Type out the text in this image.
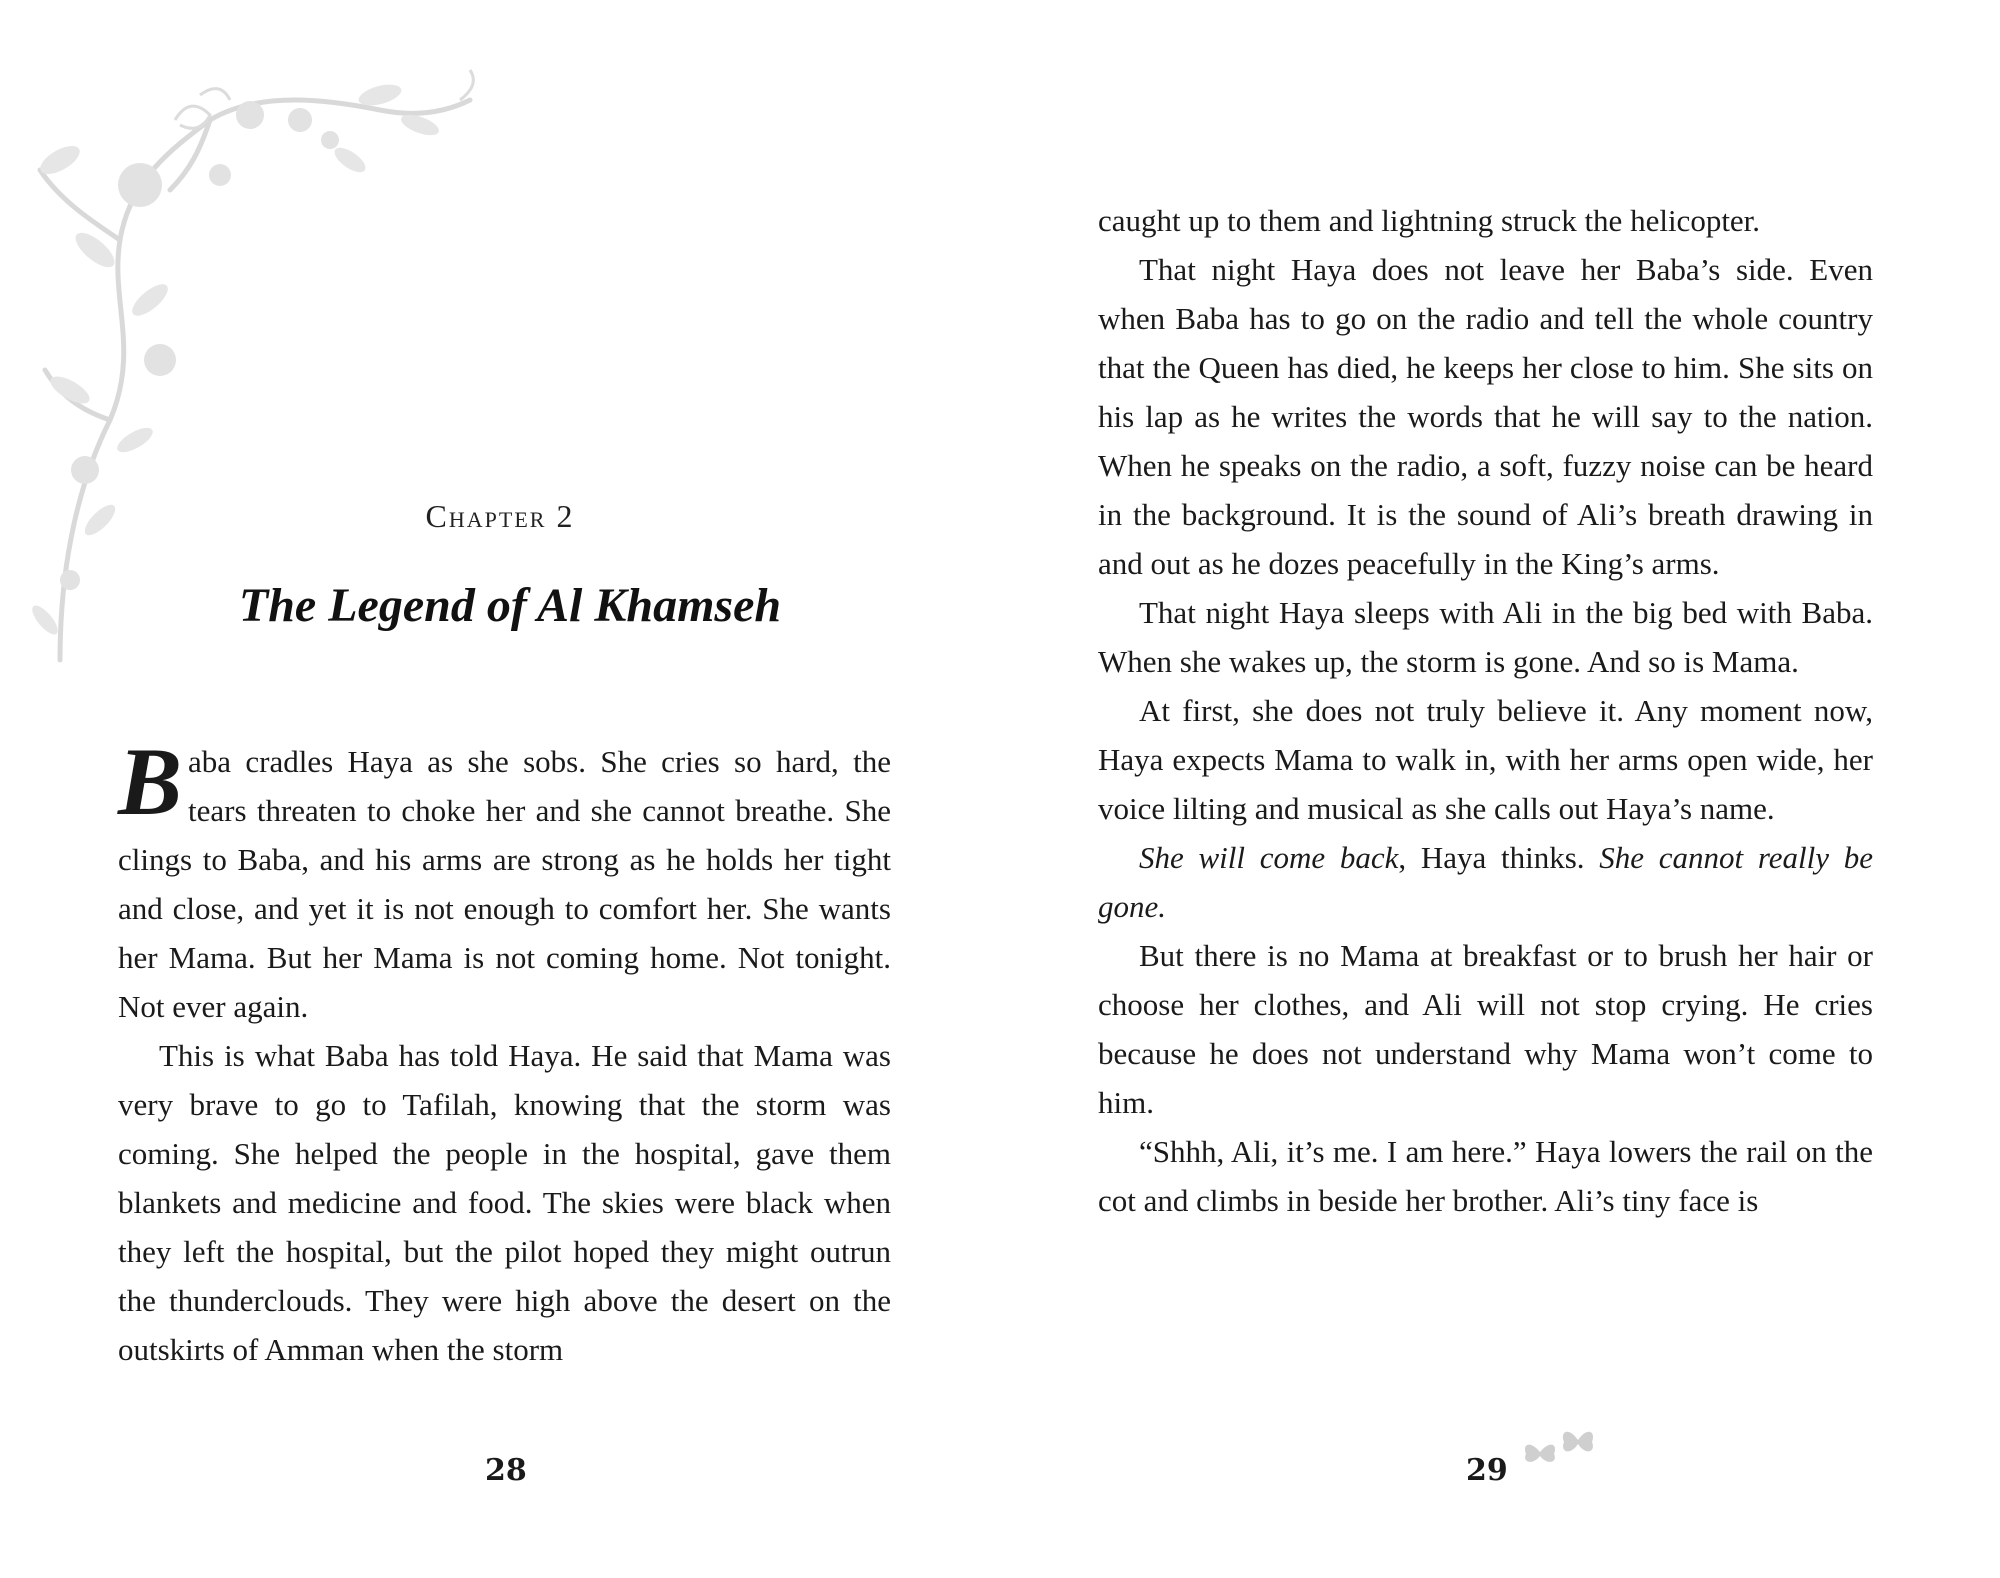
Chapter 2
The Legend of Al Khamseh

Baba cradles Haya as she sobs. She cries so hard, the tears threaten to choke her and she cannot breathe. She clings to Baba, and his arms are strong as he holds her tight and close, and yet it is not enough to comfort her. She wants her Mama. But her Mama is not coming home. Not tonight. Not ever again.

This is what Baba has told Haya. He said that Mama was very brave to go to Tafilah, knowing that the storm was coming. She helped the people in the hospital, gave them blankets and medicine and food. The skies were black when they left the hospital, but the pilot hoped they might outrun the thunderclouds. They were high above the desert on the outskirts of Amman when the storm

28

caught up to them and lightning struck the helicopter.

That night Haya does not leave her Baba’s side. Even when Baba has to go on the radio and tell the whole country that the Queen has died, he keeps her close to him. She sits on his lap as he writes the words that he will say to the nation. When he speaks on the radio, a soft, fuzzy noise can be heard in the background. It is the sound of Ali’s breath drawing in and out as he dozes peacefully in the King’s arms.

That night Haya sleeps with Ali in the big bed with Baba. When she wakes up, the storm is gone. And so is Mama.

At first, she does not truly believe it. Any moment now, Haya expects Mama to walk in, with her arms open wide, her voice lilting and musical as she calls out Haya’s name.

She will come back, Haya thinks. She cannot really be gone.

But there is no Mama at breakfast or to brush her hair or choose her clothes, and Ali will not stop crying. He cries because he does not understand why Mama won’t come to him.

“Shhh, Ali, it’s me. I am here.” Haya lowers the rail on the cot and climbs in beside her brother. Ali’s tiny face is

29
